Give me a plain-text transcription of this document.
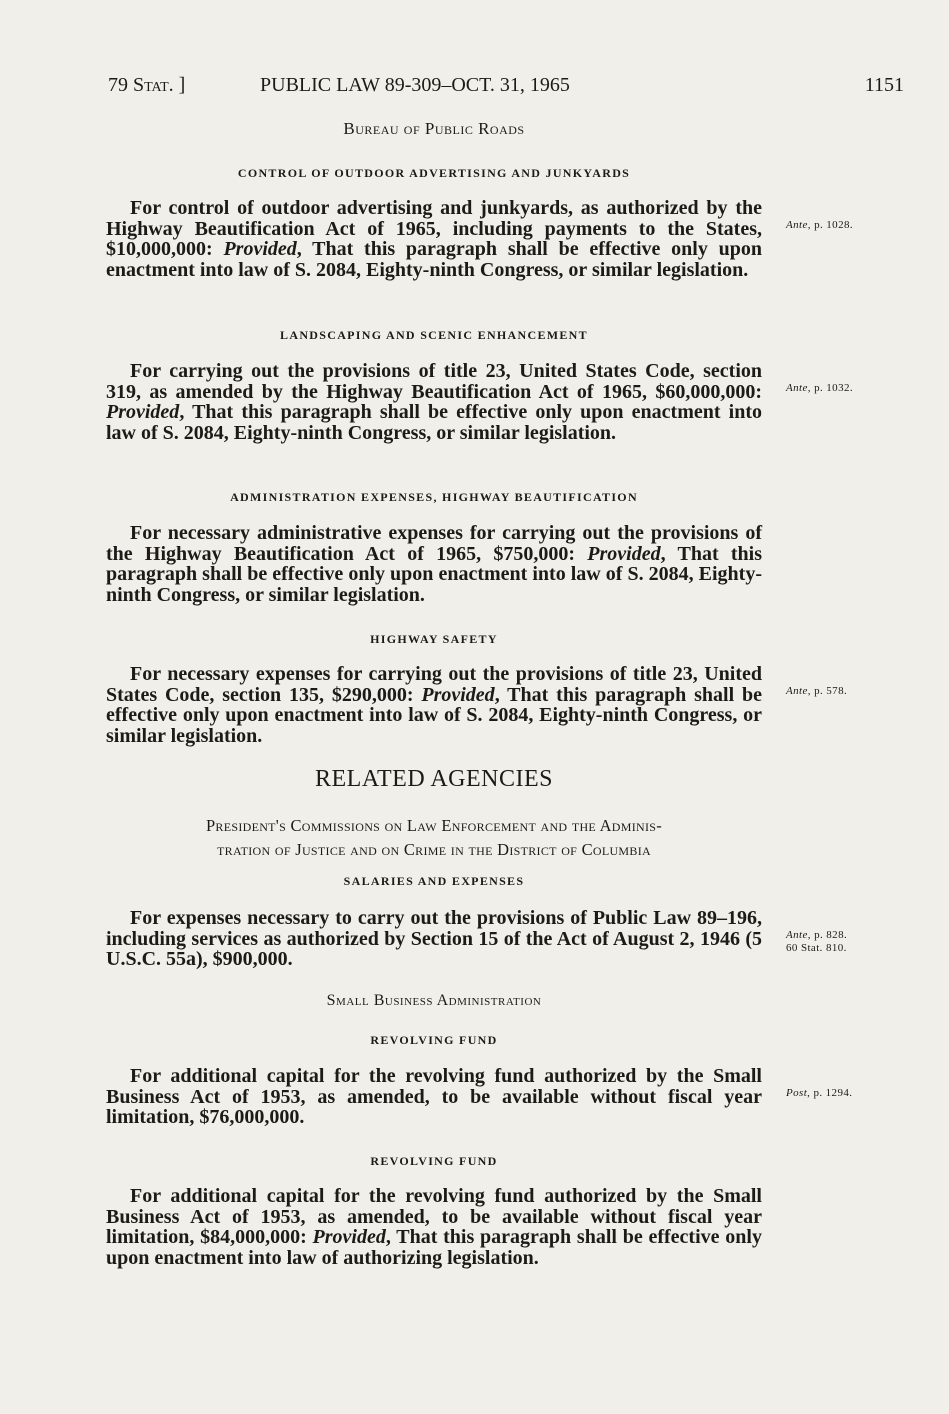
79 Stat. ]	PUBLIC LAW 89-309–OCT. 31, 1965	1151
Bureau of Public Roads
CONTROL OF OUTDOOR ADVERTISING AND JUNKYARDS
For control of outdoor advertising and junkyards, as authorized by the Highway Beautification Act of 1965, including payments to the States, $10,000,000: Provided, That this paragraph shall be effective only upon enactment into law of S. 2084, Eighty-ninth Congress, or similar legislation.
Ante, p. 1028.
LANDSCAPING AND SCENIC ENHANCEMENT
For carrying out the provisions of title 23, United States Code, section 319, as amended by the Highway Beautification Act of 1965, $60,000,000: Provided, That this paragraph shall be effective only upon enactment into law of S. 2084, Eighty-ninth Congress, or similar legislation.
Ante, p. 1032.
ADMINISTRATION EXPENSES, HIGHWAY BEAUTIFICATION
For necessary administrative expenses for carrying out the provisions of the Highway Beautification Act of 1965, $750,000: Provided, That this paragraph shall be effective only upon enactment into law of S. 2084, Eighty-ninth Congress, or similar legislation.
HIGHWAY SAFETY
For necessary expenses for carrying out the provisions of title 23, United States Code, section 135, $290,000: Provided, That this paragraph shall be effective only upon enactment into law of S. 2084, Eighty-ninth Congress, or similar legislation.
Ante, p. 578.
RELATED AGENCIES
President's Commissions on Law Enforcement and the Adminis-
tration of Justice and on Crime in the District of Columbia
SALARIES AND EXPENSES
For expenses necessary to carry out the provisions of Public Law 89–196, including services as authorized by Section 15 of the Act of August 2, 1946 (5 U.S.C. 55a), $900,000.
Ante, p. 828.
60 Stat. 810.
Small Business Administration
REVOLVING FUND
For additional capital for the revolving fund authorized by the Small Business Act of 1953, as amended, to be available without fiscal year limitation, $76,000,000.
Post, p. 1294.
REVOLVING FUND
For additional capital for the revolving fund authorized by the Small Business Act of 1953, as amended, to be available without fiscal year limitation, $84,000,000: Provided, That this paragraph shall be effective only upon enactment into law of authorizing legislation.
